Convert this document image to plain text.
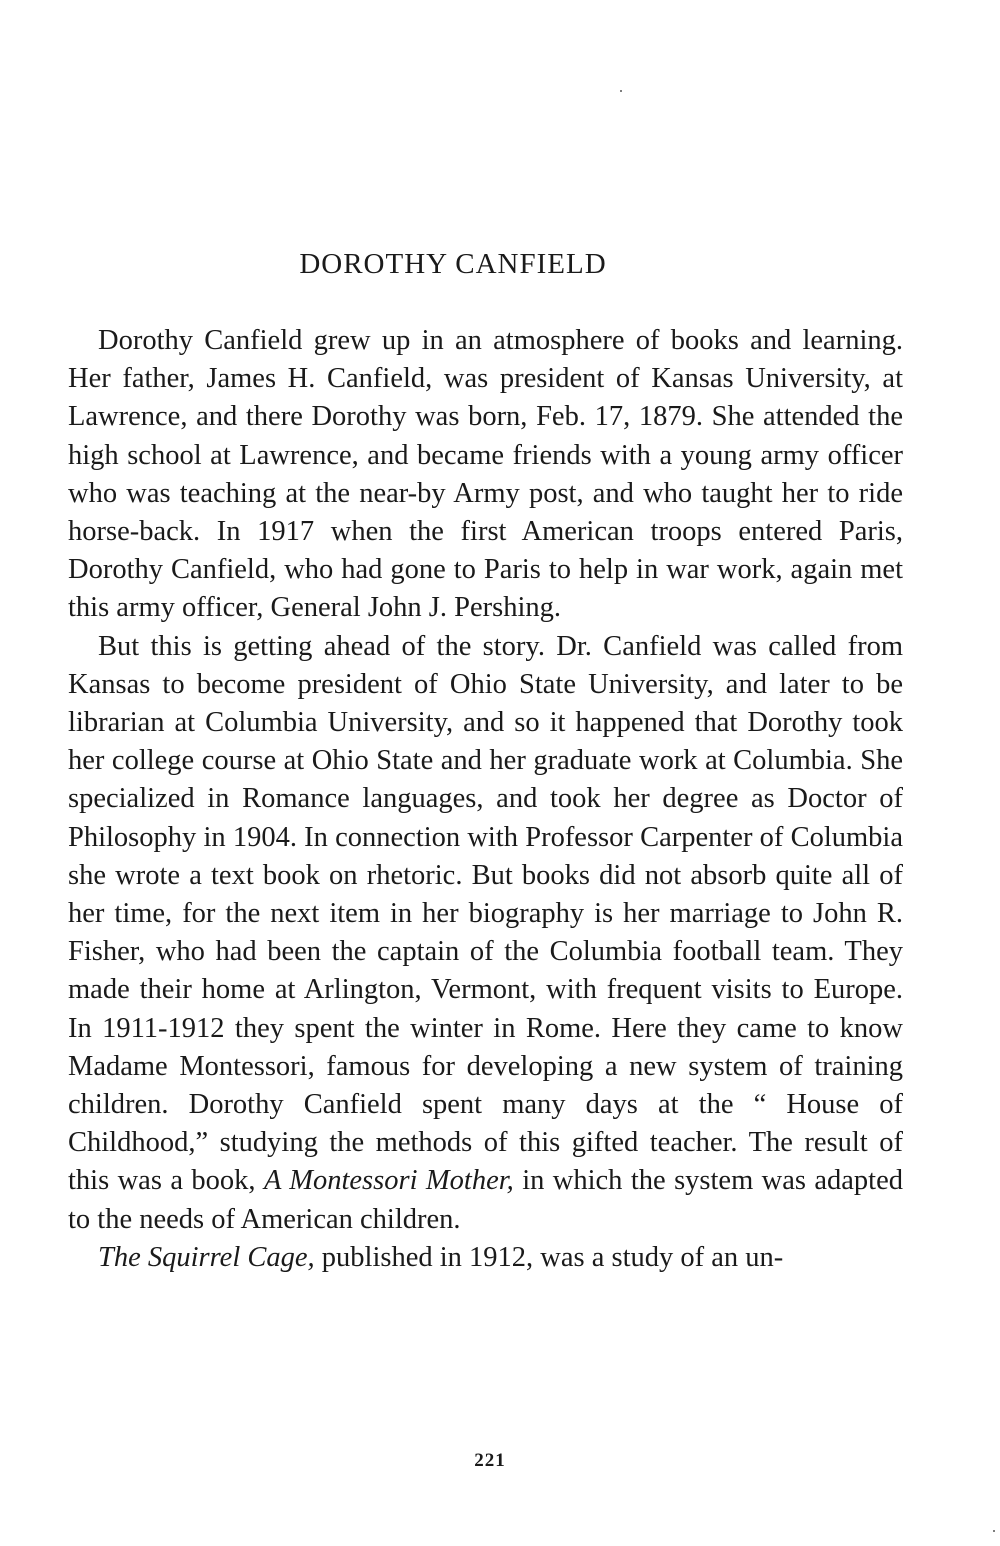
DOROTHY CANFIELD

Dorothy Canfield grew up in an atmosphere of books and learning. Her father, James H. Canfield, was president of Kansas University, at Lawrence, and there Dorothy was born, Feb. 17, 1879. She attended the high school at Lawrence, and became friends with a young army officer who was teaching at the near-by Army post, and who taught her to ride horse-back. In 1917 when the first American troops entered Paris, Dorothy Canfield, who had gone to Paris to help in war work, again met this army officer, General John J. Pershing.

But this is getting ahead of the story. Dr. Canfield was called from Kansas to become president of Ohio State University, and later to be librarian at Columbia University, and so it happened that Dorothy took her college course at Ohio State and her graduate work at Columbia. She specialized in Romance languages, and took her degree as Doctor of Philosophy in 1904. In connection with Professor Carpenter of Columbia she wrote a text book on rhetoric. But books did not absorb quite all of her time, for the next item in her biography is her marriage to John R. Fisher, who had been the captain of the Columbia football team. They made their home at Arlington, Vermont, with frequent visits to Europe. In 1911-1912 they spent the winter in Rome. Here they came to know Madame Montessori, famous for developing a new system of training children. Dorothy Canfield spent many days at the “ House of Childhood,” studying the methods of this gifted teacher. The result of this was a book, A Montessori Mother, in which the system was adapted to the needs of American children.

The Squirrel Cage, published in 1912, was a study of an un-

221
